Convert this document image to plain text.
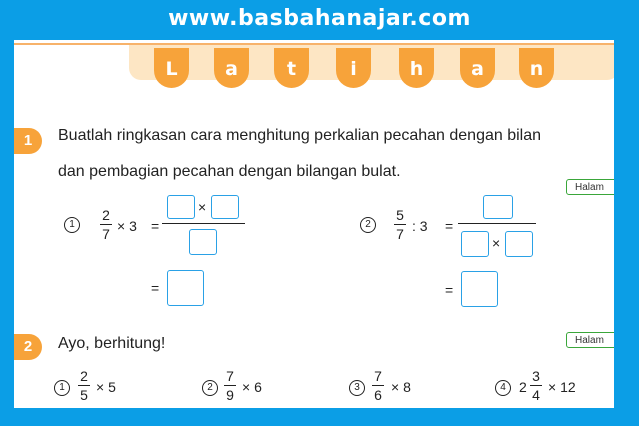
www.basbahanajar.com
L	a	t	i	h	a	n
1	Buatlah ringkasan cara menghitung perkalian pecahan dengan bilan
dan pembagian pecahan dengan bilangan bulat.
Halam
1
2
7 × 3 =
×
=
2
5
7 : 3 =
×
=
2	Ayo, berhitung!	Halam
1
2
5 × 5	2
7
9 × 6	3
7
6 × 8	4 2
3
4 × 12
